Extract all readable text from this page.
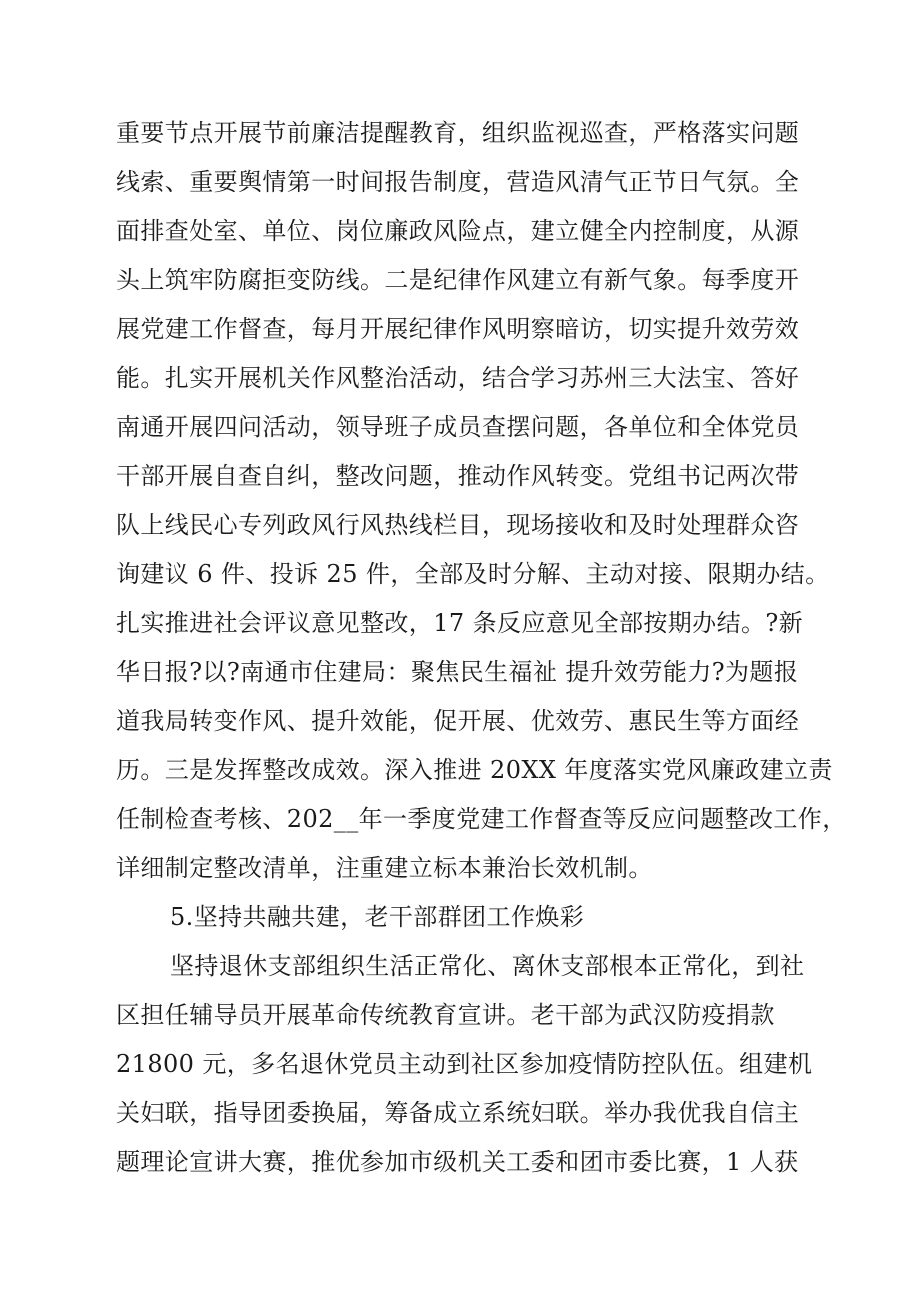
重要节点开展节前廉洁提醒教育，组织监视巡查，严格落实问题

线索、重要舆情第一时间报告制度，营造风清气正节日气氛。全

面排查处室、单位、岗位廉政风险点，建立健全内控制度，从源

头上筑牢防腐拒变防线。二是纪律作风建立有新气象。每季度开

展党建工作督查，每月开展纪律作风明察暗访，切实提升效劳效

能。扎实开展机关作风整治活动，结合学习苏州三大法宝、答好

南通开展四问活动，领导班子成员查摆问题，各单位和全体党员

干部开展自查自纠，整改问题，推动作风转变。党组书记两次带

队上线民心专列政风行风热线栏目，现场接收和及时处理群众咨

询建议 6 件、投诉 25 件，全部及时分解、主动对接、限期办结。

扎实推进社会评议意见整改，17 条反应意见全部按期办结。?新

华日报?以?南通市住建局：聚焦民生福祉 提升效劳能力?为题报

道我局转变作风、提升效能，促开展、优效劳、惠民生等方面经

历。三是发挥整改成效。深入推进 20XX 年度落实党风廉政建立责

任制检查考核、202__年一季度党建工作督查等反应问题整改工作，

详细制定整改清单，注重建立标本兼治长效机制。

5.坚持共融共建，老干部群团工作焕彩

坚持退休支部组织生活正常化、离休支部根本正常化，到社

区担任辅导员开展革命传统教育宣讲。老干部为武汉防疫捐款

21800 元，多名退休党员主动到社区参加疫情防控队伍。组建机

关妇联，指导团委换届，筹备成立系统妇联。举办我优我自信主

题理论宣讲大赛，推优参加市级机关工委和团市委比赛，1 人获
